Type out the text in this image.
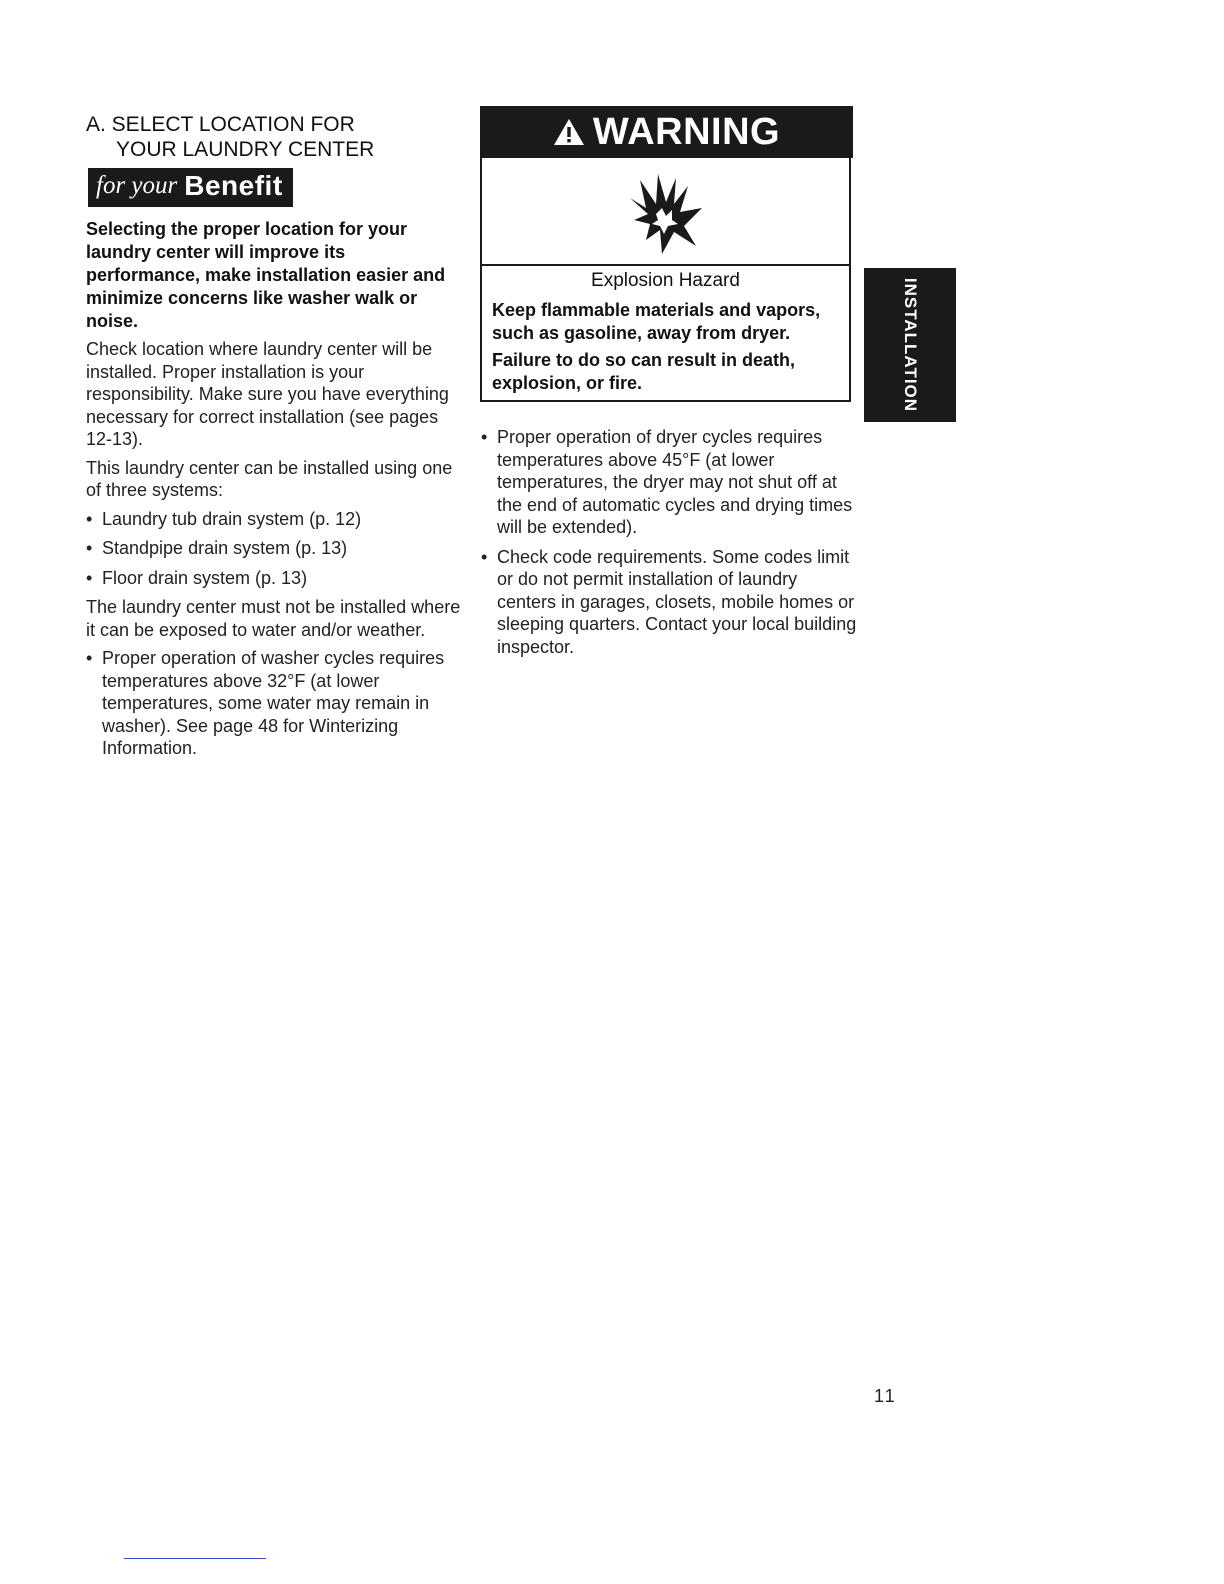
A. SELECT LOCATION FOR
YOUR LAUNDRY CENTER
for your Benefit
Selecting the proper location for your laundry center will improve its performance, make installation easier and minimize concerns like washer walk or noise.

Check location where laundry center will be installed. Proper installation is your responsibility. Make sure you have everything necessary for correct installation (see pages 12-13).

This laundry center can be installed using one of three systems:

• Laundry tub drain system (p. 12)
• Standpipe drain system (p. 13)
• Floor drain system (p. 13)

The laundry center must not be installed where it can be exposed to water and/or weather.

• Proper operation of washer cycles requires temperatures above 32°F (at lower temperatures, some water may remain in washer). See page 48 for Winterizing Information.
WARNING
Explosion Hazard

Keep flammable materials and vapors, such as gasoline, away from dryer.

Failure to do so can result in death, explosion, or fire.

• Proper operation of dryer cycles requires temperatures above 45°F (at lower temperatures, the dryer may not shut off at the end of automatic cycles and drying times will be extended).
• Check code requirements. Some codes limit or do not permit installation of laundry centers in garages, closets, mobile homes or sleeping quarters. Contact your local building inspector.
INSTALLATION
11
